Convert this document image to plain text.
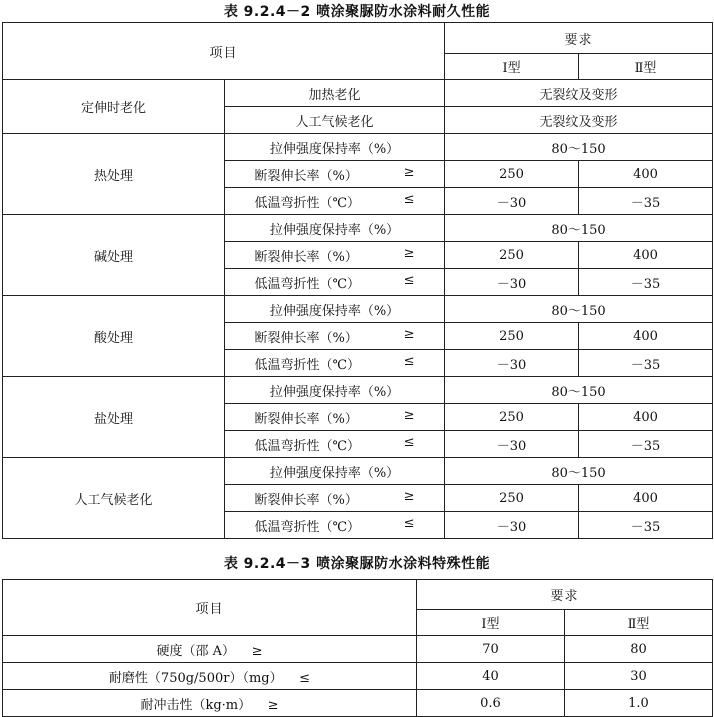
表 9.2.4－2 喷涂聚脲防水涂料耐久性能
项目		要求	
		Ⅰ型	Ⅱ型
定伸时老化	加热老化	无裂纹及变形	
	人工气候老化	无裂纹及变形	
热处理	拉伸强度保持率（%）	80～150	
	断裂伸长率（%） ≥	250	400
	低温弯折性（℃） ≤	－30	－35
碱处理	拉伸强度保持率（%）	80～150	
	断裂伸长率（%） ≥	250	400
	低温弯折性（℃） ≤	－30	－35
酸处理	拉伸强度保持率（%）	80～150	
	断裂伸长率（%） ≥	250	400
	低温弯折性（℃） ≤	－30	－35
盐处理	拉伸强度保持率（%）	80～150	
	断裂伸长率（%） ≥	250	400
	低温弯折性（℃） ≤	－30	－35
人工气候老化	拉伸强度保持率（%）	80～150	
	断裂伸长率（%） ≥	250	400
	低温弯折性（℃） ≤	－30	－35
表 9.2.4－3 喷涂聚脲防水涂料特殊性能
项目	要求	
	Ⅰ型	Ⅱ型
硬度（邵 A） ≥	70	80
耐磨性（750g/500r）（mg） ≤	40	30
耐冲击性（kg·m） ≥	0.6	1.0
